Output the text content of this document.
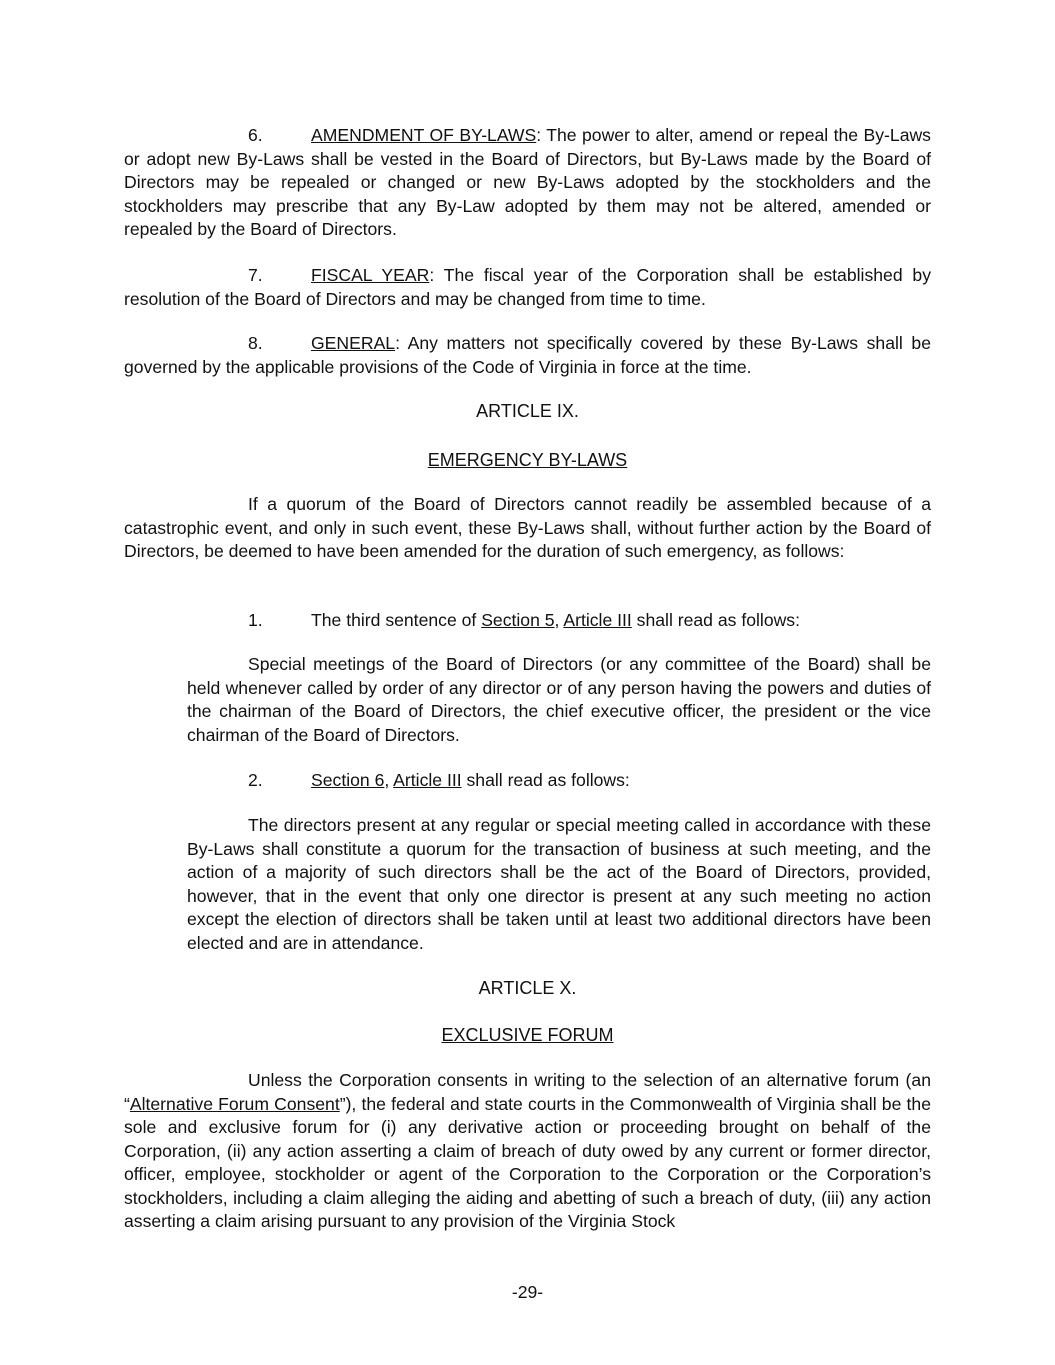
6.	AMENDMENT OF BY-LAWS: The power to alter, amend or repeal the By-Laws or adopt new By-Laws shall be vested in the Board of Directors, but By-Laws made by the Board of Directors may be repealed or changed or new By-Laws adopted by the stockholders and the stockholders may prescribe that any By-Law adopted by them may not be altered, amended or repealed by the Board of Directors.

7.	FISCAL YEAR: The fiscal year of the Corporation shall be established by resolution of the Board of Directors and may be changed from time to time.

8.	GENERAL: Any matters not specifically covered by these By-Laws shall be governed by the applicable provisions of the Code of Virginia in force at the time.

ARTICLE IX.

EMERGENCY BY-LAWS

If a quorum of the Board of Directors cannot readily be assembled because of a catastrophic event, and only in such event, these By-Laws shall, without further action by the Board of Directors, be deemed to have been amended for the duration of such emergency, as follows:

1.	The third sentence of Section 5, Article III shall read as follows:

Special meetings of the Board of Directors (or any committee of the Board) shall be held whenever called by order of any director or of any person having the powers and duties of the chairman of the Board of Directors, the chief executive officer, the president or the vice chairman of the Board of Directors.

2.	Section 6, Article III shall read as follows:

The directors present at any regular or special meeting called in accordance with these By-Laws shall constitute a quorum for the transaction of business at such meeting, and the action of a majority of such directors shall be the act of the Board of Directors, provided, however, that in the event that only one director is present at any such meeting no action except the election of directors shall be taken until at least two additional directors have been elected and are in attendance.

ARTICLE X.

EXCLUSIVE FORUM

Unless the Corporation consents in writing to the selection of an alternative forum (an “Alternative Forum Consent”), the federal and state courts in the Commonwealth of Virginia shall be the sole and exclusive forum for (i) any derivative action or proceeding brought on behalf of the Corporation, (ii) any action asserting a claim of breach of duty owed by any current or former director, officer, employee, stockholder or agent of the Corporation to the Corporation or the Corporation’s stockholders, including a claim alleging the aiding and abetting of such a breach of duty, (iii) any action asserting a claim arising pursuant to any provision of the Virginia Stock

-29-
